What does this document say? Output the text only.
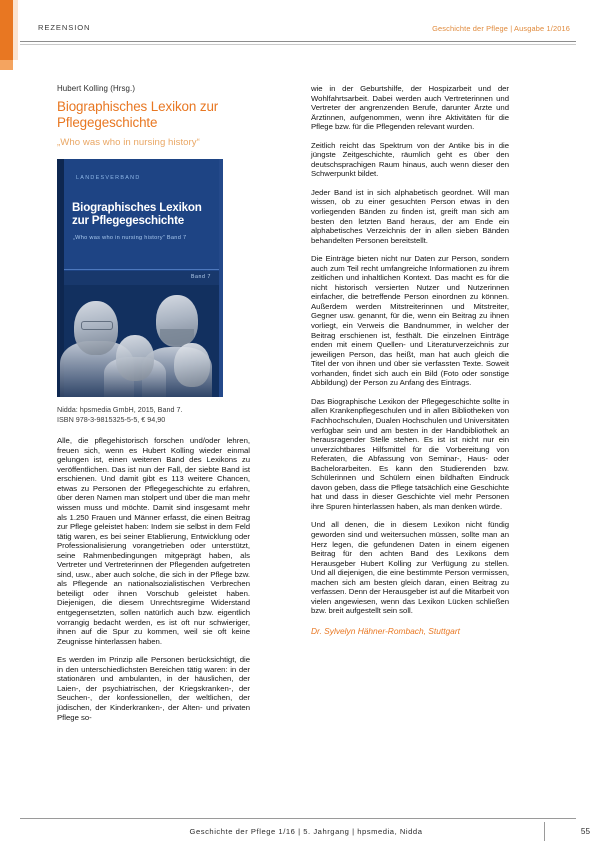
REZENSION	Geschichte der Pflege | Ausgabe 1/2016
Hubert Kolling (Hrsg.)
Biographisches Lexikon zur Pflegegeschichte
„Who was who in nursing history“
LANDESVERBAND
Biographisches Lexikon zur Pflegegeschichte
„Who was who in nursing history“ Band 7
Band 7
Nidda: hpsmedia GmbH, 2015, Band 7.
ISBN 978-3-9815325-5-5, € 94,90

Alle, die pflegehistorisch forschen und/oder lehren, freuen sich, wenn es Hubert Kolling wieder einmal gelungen ist, einen weiteren Band des Lexikons zu veröffentlichen. Das ist nun der Fall, der siebte Band ist erschienen. Und damit gibt es 113 weitere Chancen, etwas zu Personen der Pflegegeschichte zu erfahren, über deren Namen man stolpert und über die man mehr wissen muss und möchte. Damit sind insgesamt mehr als 1.250 Frauen und Männer erfasst, die einen Beitrag zur Pflege geleistet haben: Indem sie selbst in dem Feld tätig waren, es bei seiner Etablierung, Entwicklung oder Professionalisierung vorangetrieben oder unterstützt, seine Rahmenbedingungen mitgeprägt haben, als Vertreter und Vertreterinnen der Pflegenden aufgetreten sind, usw., aber auch solche, die sich in der Pflege bzw. als Pflegende an nationalsozialistischen Verbrechen beteiligt oder ihnen Vorschub geleistet haben. Diejenigen, die diesem Unrechtsregime Widerstand entgegensetzten, sollen natürlich auch bzw. eigentlich vorrangig bedacht werden, es ist oft nur schwieriger, ihnen auf die Spur zu kommen, weil sie oft keine Zeugnisse hinterlassen haben.

Es werden im Prinzip alle Personen berücksichtigt, die in den unterschiedlichsten Bereichen tätig waren: in der stationären und ambulanten, in der häuslichen, der Laien-, der psychiatrischen, der Kriegskranken-, der Seuchen-, der konfessionellen, der weltlichen, der jüdischen, der Kinderkranken-, der Alten- und privaten Pflege so-

wie in der Geburtshilfe, der Hospizarbeit und der Wohlfahrtsarbeit. Dabei werden auch Vertreterinnen und Vertreter der angrenzenden Berufe, darunter Ärzte und Ärztinnen, aufgenommen, wenn ihre Aktivitäten für die Pflege bzw. für die Pflegenden relevant wurden.

Zeitlich reicht das Spektrum von der Antike bis in die jüngste Zeitgeschichte, räumlich geht es über den deutschsprachigen Raum hinaus, auch wenn dieser den Schwerpunkt bildet.

Jeder Band ist in sich alphabetisch geordnet. Will man wissen, ob zu einer gesuchten Person etwas in den vorliegenden Bänden zu finden ist, greift man sich am besten den letzten Band heraus, der am Ende ein alphabetisches Verzeichnis der in allen sieben Bänden behandelten Personen bereitstellt.

Die Einträge bieten nicht nur Daten zur Person, sondern auch zum Teil recht umfangreiche Informationen zu ihrem zeitlichen und inhaltlichen Kontext. Das macht es für die nicht historisch versierten Nutzer und Nutzerinnen einfacher, die betreffende Person einordnen zu können. Außerdem werden Mitstreiterinnen und Mitstreiter, Gegner usw. genannt, für die, wenn ein Beitrag zu ihnen vorliegt, ein Verweis die Bandnummer, in welcher der Beitrag erschienen ist, festhält. Die einzelnen Einträge enden mit einem Quellen- und Literaturverzeichnis zur jeweiligen Person, das heißt, man hat auch gleich die Titel der von ihnen und über sie verfassten Texte. Soweit vorhanden, findet sich auch ein Bild (Foto oder sonstige Abbildung) der Person zu Anfang des Eintrags.

Das Biographische Lexikon der Pflegegeschichte sollte in allen Krankenpflegeschulen und in allen Bibliotheken von Fachhochschulen, Dualen Hochschulen und Universitäten verfügbar sein und am besten in der Handbibliothek an herausragender Stelle stehen. Es ist ist nicht nur ein unverzichtbares Hilfsmittel für die Vorbereitung von Referaten, die Abfassung von Seminar-, Haus- oder Bachelorarbeiten. Es kann den Studierenden bzw. Schülerinnen und Schülern einen bildhaften Eindruck davon geben, dass die Pflege tatsächlich eine Geschichte hat und dass in dieser Geschichte viel mehr Personen ihre Spuren hinterlassen haben, als man denken würde.

Und all denen, die in diesem Lexikon nicht fündig geworden sind und weitersuchen müssen, sollte man an Herz legen, die gefundenen Daten in einem eigenen Beitrag für den achten Band des Lexikons dem Herausgeber Hubert Kolling zur Verfügung zu stellen. Und all diejenigen, die eine bestimmte Person vermissen, machen sich am besten gleich daran, einen Beitrag zu verfassen. Denn der Herausgeber ist auf die Mitarbeit von vielen angewiesen, wenn das Lexikon Lücken schließen bzw. breit aufgestellt sein soll.

Dr. Sylvelyn Hähner-Rombach, Stuttgart

Geschichte der Pflege 1/16 | 5. Jahrgang | hpsmedia, Nidda	55
